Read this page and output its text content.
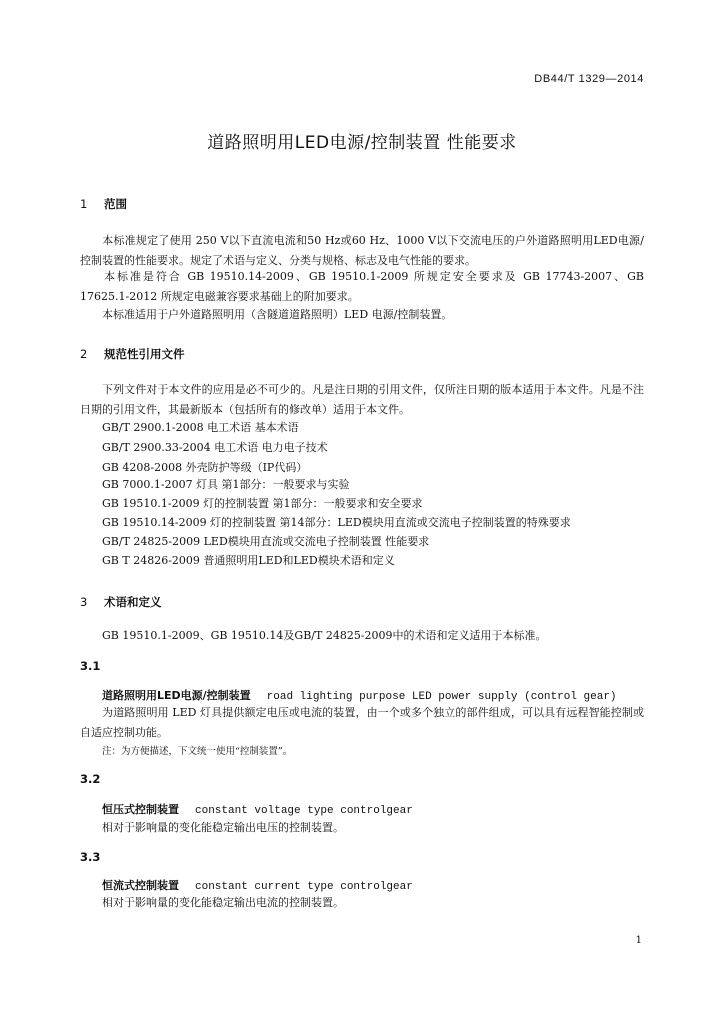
DB44/T 1329—2014
道路照明用LED电源/控制装置 性能要求
1 范围
本标准规定了使用 250 V以下直流电流和50 Hz或60 Hz、1000 V以下交流电压的户外道路照明用LED电源/控制装置的性能要求。规定了术语与定义、分类与规格、标志及电气性能的要求。
本标准是符合 GB 19510.14-2009、GB 19510.1-2009 所规定安全要求及 GB 17743-2007、GB 17625.1-2012 所规定电磁兼容要求基础上的附加要求。
本标准适用于户外道路照明用（含隧道道路照明）LED 电源/控制装置。
2 规范性引用文件
下列文件对于本文件的应用是必不可少的。凡是注日期的引用文件，仅所注日期的版本适用于本文件。凡是不注日期的引用文件，其最新版本（包括所有的修改单）适用于本文件。
GB/T 2900.1-2008 电工术语 基本术语
GB/T 2900.33-2004 电工术语 电力电子技术
GB 4208-2008 外壳防护等级（IP代码）
GB 7000.1-2007 灯具 第1部分：一般要求与实验
GB 19510.1-2009 灯的控制装置 第1部分：一般要求和安全要求
GB 19510.14-2009 灯的控制装置 第14部分：LED模块用直流或交流电子控制装置的特殊要求
GB/T 24825-2009 LED模块用直流或交流电子控制装置 性能要求
GB T 24826-2009 普通照明用LED和LED模块术语和定义
3 术语和定义
GB 19510.1-2009、GB 19510.14及GB/T 24825-2009中的术语和定义适用于本标准。
3.1
道路照明用LED电源/控制装置 road lighting purpose LED power supply (control gear)
为道路照明用 LED 灯具提供额定电压或电流的装置，由一个或多个独立的部件组成，可以具有远程智能控制或自适应控制功能。
注：为方便描述，下文统一使用“控制装置”。
3.2
恒压式控制装置 constant voltage type controlgear
相对于影响量的变化能稳定输出电压的控制装置。
3.3
恒流式控制装置 constant current type controlgear
相对于影响量的变化能稳定输出电流的控制装置。
1
